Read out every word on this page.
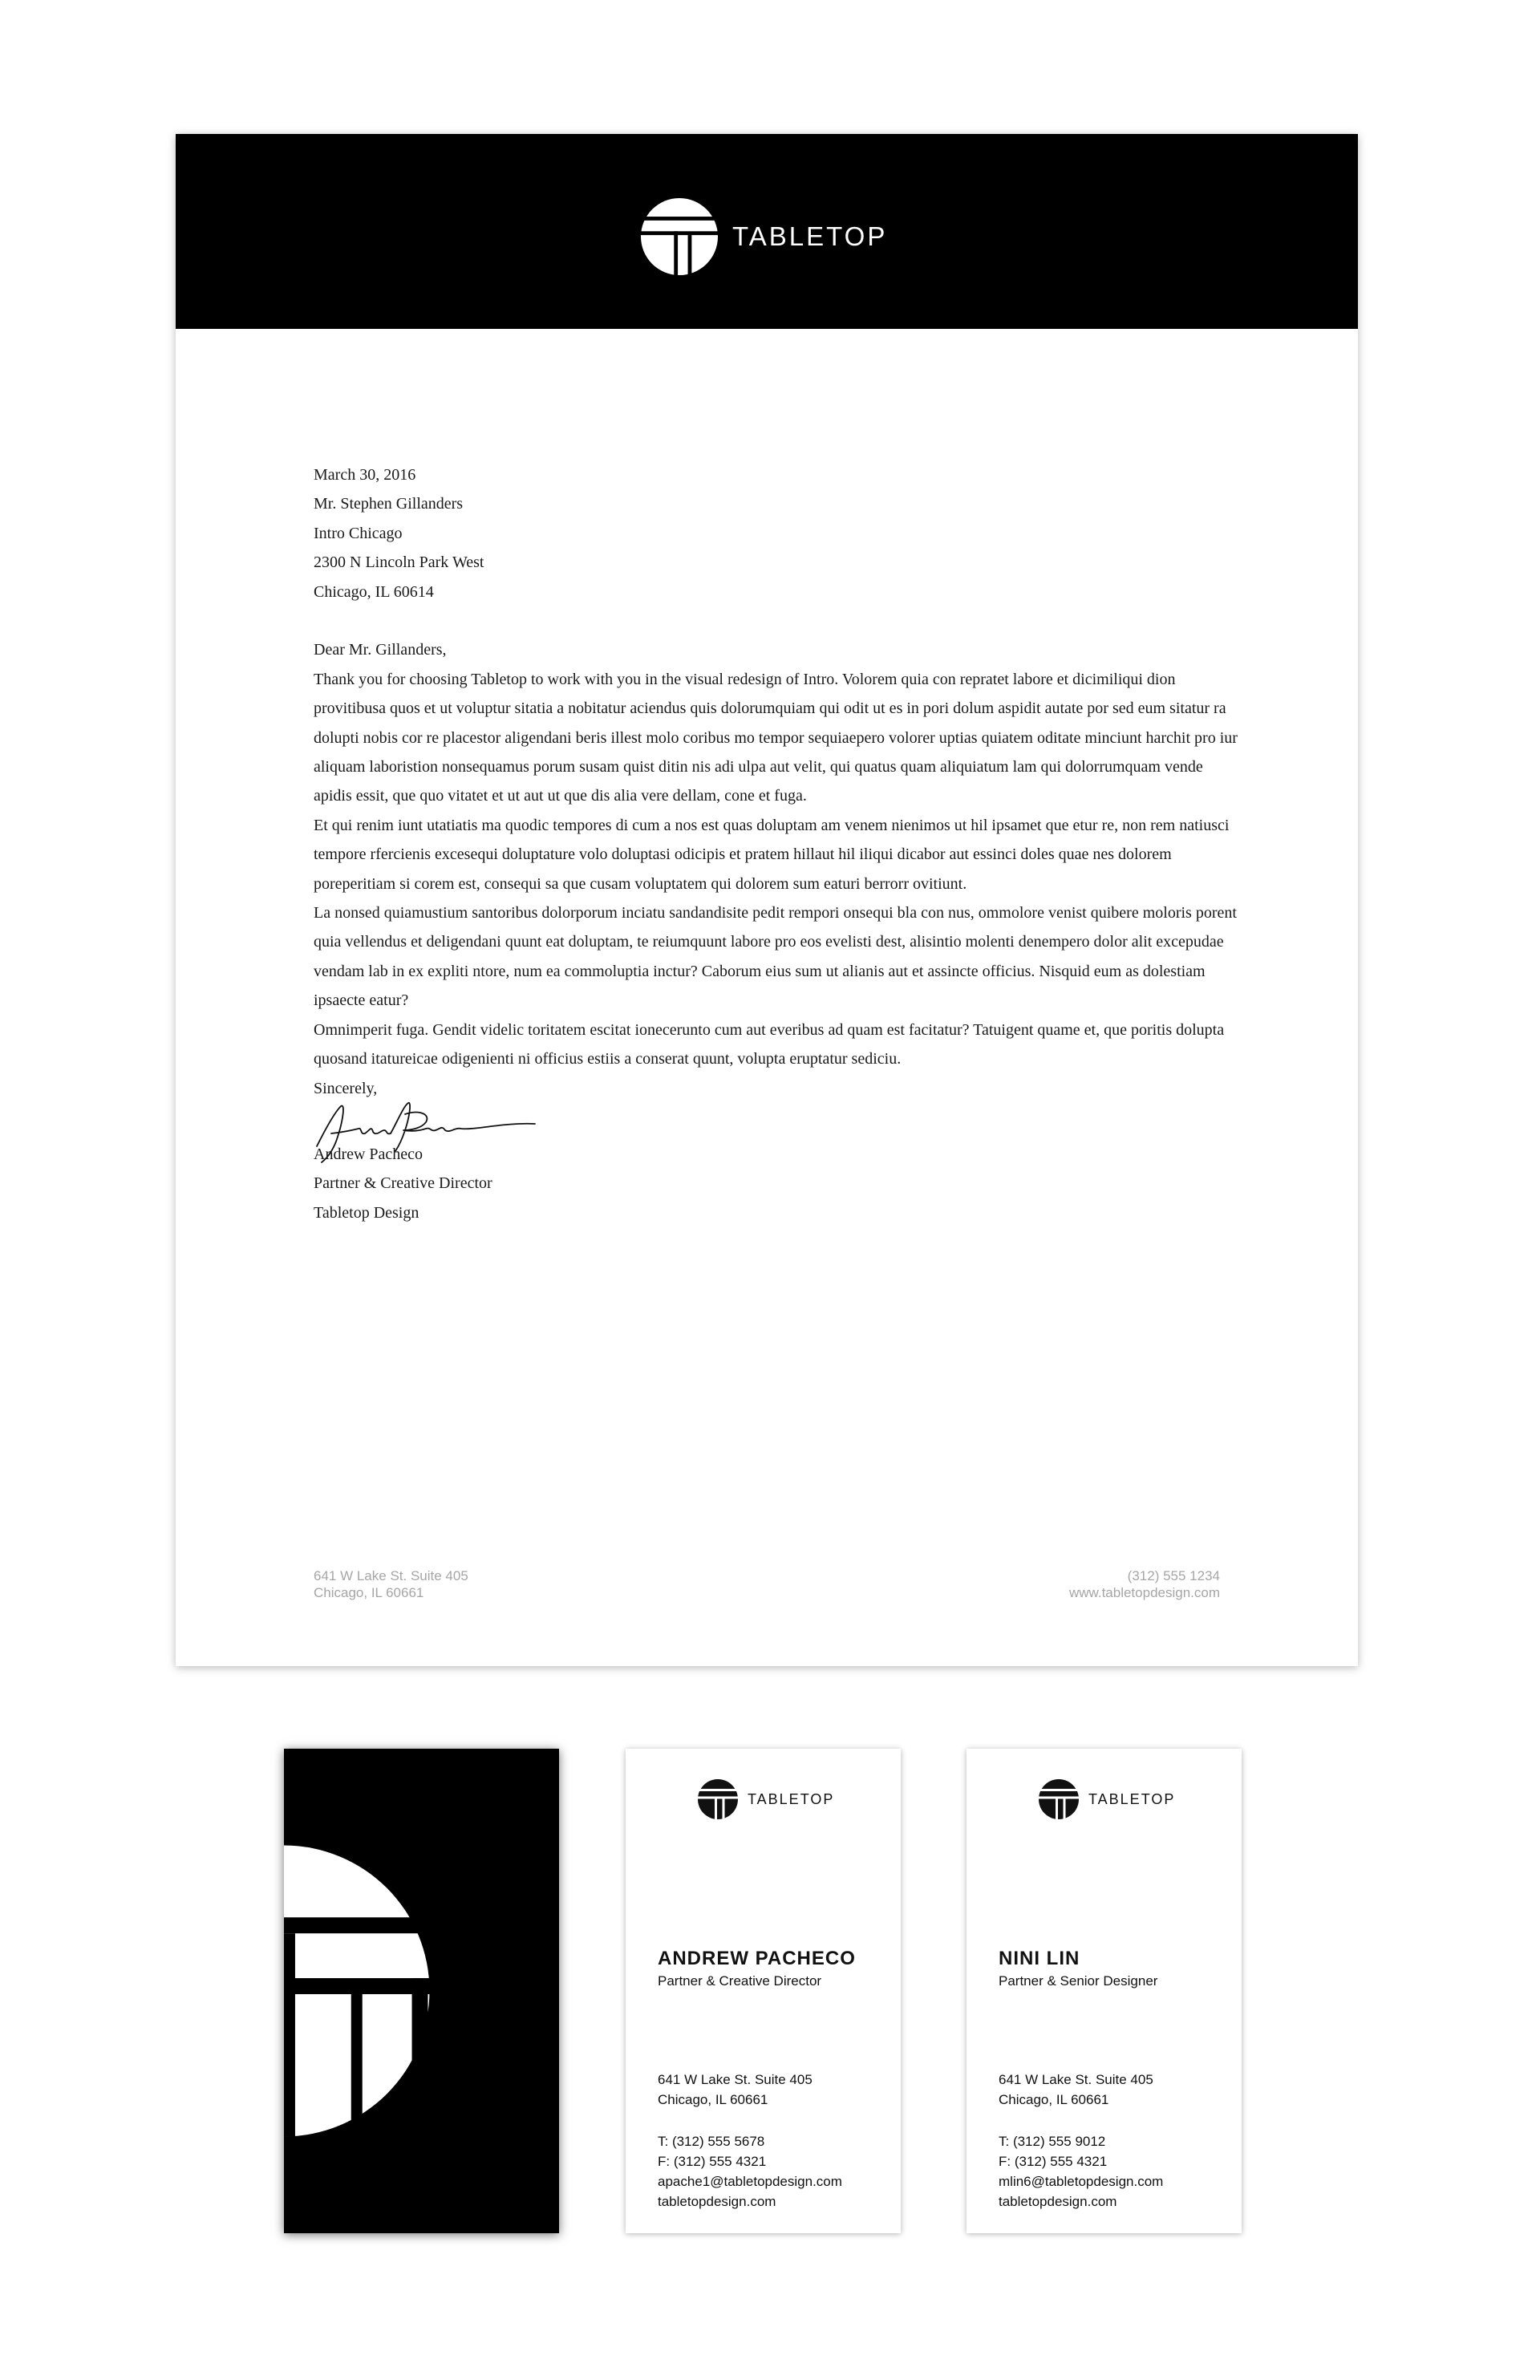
TABLETOP

March 30, 2016

Mr. Stephen Gillanders

Intro Chicago

2300 N Lincoln Park West

Chicago, IL 60614

Dear Mr. Gillanders,

Thank you for choosing Tabletop to work with you in the visual redesign of Intro. Volorem quia con repratet labore et dicimiliqui dion provitibusa quos et ut voluptur sitatia a nobitatur aciendus quis dolorumquiam qui odit ut es in pori dolum aspidit autate por sed eum sitatur ra dolupti nobis cor re placestor aligendani beris illest molo coribus mo tempor sequiaepero volorer uptias quiatem oditate minciunt harchit pro iur aliquam laboristion nonsequamus porum susam quist ditin nis adi ulpa aut velit, qui quatus quam aliquiatum lam qui dolorrumquam vende apidis essit, que quo vitatet et ut aut ut que dis alia vere dellam, cone et fuga.

Et qui renim iunt utatiatis ma quodic tempores di cum a nos est quas doluptam am venem nienimos ut hil ipsamet que etur re, non rem natiusci tempore rfercienis excesequi doluptature volo doluptasi odicipis et pratem hillaut hil iliqui dicabor aut essinci doles quae nes dolorem poreperitiam si corem est, consequi sa que cusam voluptatem qui dolorem sum eaturi berrorr ovitiunt.

La nonsed quiamustium santoribus dolorporum inciatu sandandisite pedit rempori onsequi bla con nus, ommolore venist quibere moloris porent quia vellendus et deligendani quunt eat doluptam, te reiumquunt labore pro eos evelisti dest, alisintio molenti denempero dolor alit excepudae vendam lab in ex expliti ntore, num ea commoluptia inctur? Caborum eius sum ut alianis aut et assincte officius. Nisquid eum as dolestiam ipsaecte eatur?

Omnimperit fuga. Gendit videlic toritatem escitat ionecerunto cum aut everibus ad quam est facitatur? Tatuigent quame et, que poritis dolupta quosand itatureicae odigenienti ni officius estiis a conserat quunt, volupta eruptatur sediciu.

Sincerely,

Andrew Pacheco

Partner & Creative Director

Tabletop Design

641 W Lake St. Suite 405
Chicago, IL 60661
(312) 555 1234
www.tabletopdesign.com
TABLETOP
ANDREW PACHECO
Partner & Creative Director
641 W Lake St. Suite 405
Chicago, IL 60661
T: (312) 555 5678
F: (312) 555 4321
apache1@tabletopdesign.com
tabletopdesign.com
TABLETOP
NINI LIN
Partner & Senior Designer
641 W Lake St. Suite 405
Chicago, IL 60661
T: (312) 555 9012
F: (312) 555 4321
mlin6@tabletopdesign.com
tabletopdesign.com
